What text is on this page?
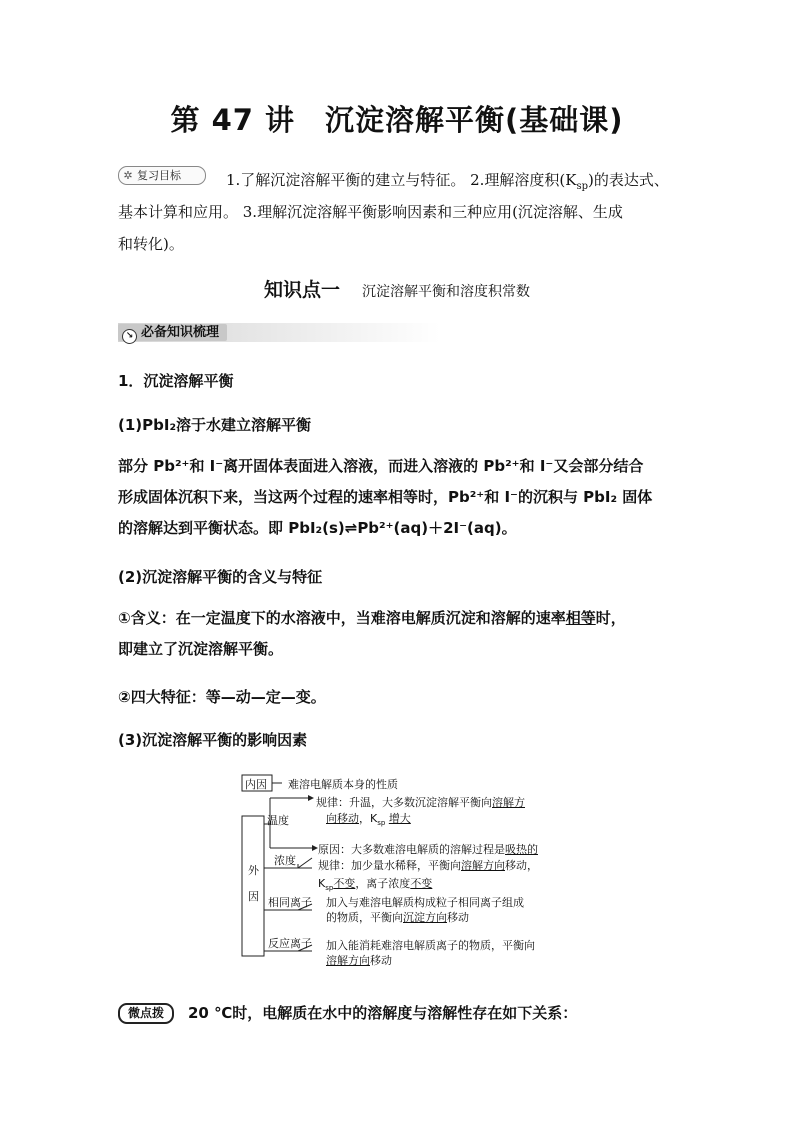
第 47 讲　沉淀溶解平衡(基础课)
✲ 复习目标	1.了解沉淀溶解平衡的建立与特征。 2.理解溶度积$(K_{sp})$的表达式、
基本计算和应用。 3.理解沉淀溶解平衡影响因素和三种应用(沉淀溶解、生成
和转化)。
知识点一 沉淀溶解平衡和溶度积常数
↘ 必备知识梳理
1．沉淀溶解平衡
(1)PbI₂溶于水建立溶解平衡
部分 Pb²⁺和 I⁻离开固体表面进入溶液，而进入溶液的 Pb²⁺和 I⁻又会部分结合
形成固体沉积下来，当这两个过程的速率相等时，Pb²⁺和 I⁻的沉积与 PbI₂ 固体
的溶解达到平衡状态。即 PbI₂(s)⇌Pb²⁺(aq)＋2I⁻(aq)。
(2)沉淀溶解平衡的含义与特征
①含义：在一定温度下的水溶液中，当难溶电解质沉淀和溶解的速率相等时，
即建立了沉淀溶解平衡。
②四大特征：等—动—定—变。
(3)沉淀溶解平衡的影响因素
内因 难溶电解质本身的性质
外因
温度
规律：升温，大多数沉淀溶解平衡向溶解方
向移动，$K_{sp}$ 增大
原因：大多数难溶电解质的溶解过程是吸热的
浓度 规律：加少量水稀释，平衡向溶解方向移动，
$K_{sp}$不变，离子浓度不变
相同离子 加入与难溶电解质构成粒子相同离子组成
的物质，平衡向沉淀方向移动
反应离子 加入能消耗难溶电解质离子的物质，平衡向
溶解方向移动
微点拨	20 ℃时，电解质在水中的溶解度与溶解性存在如下关系：
